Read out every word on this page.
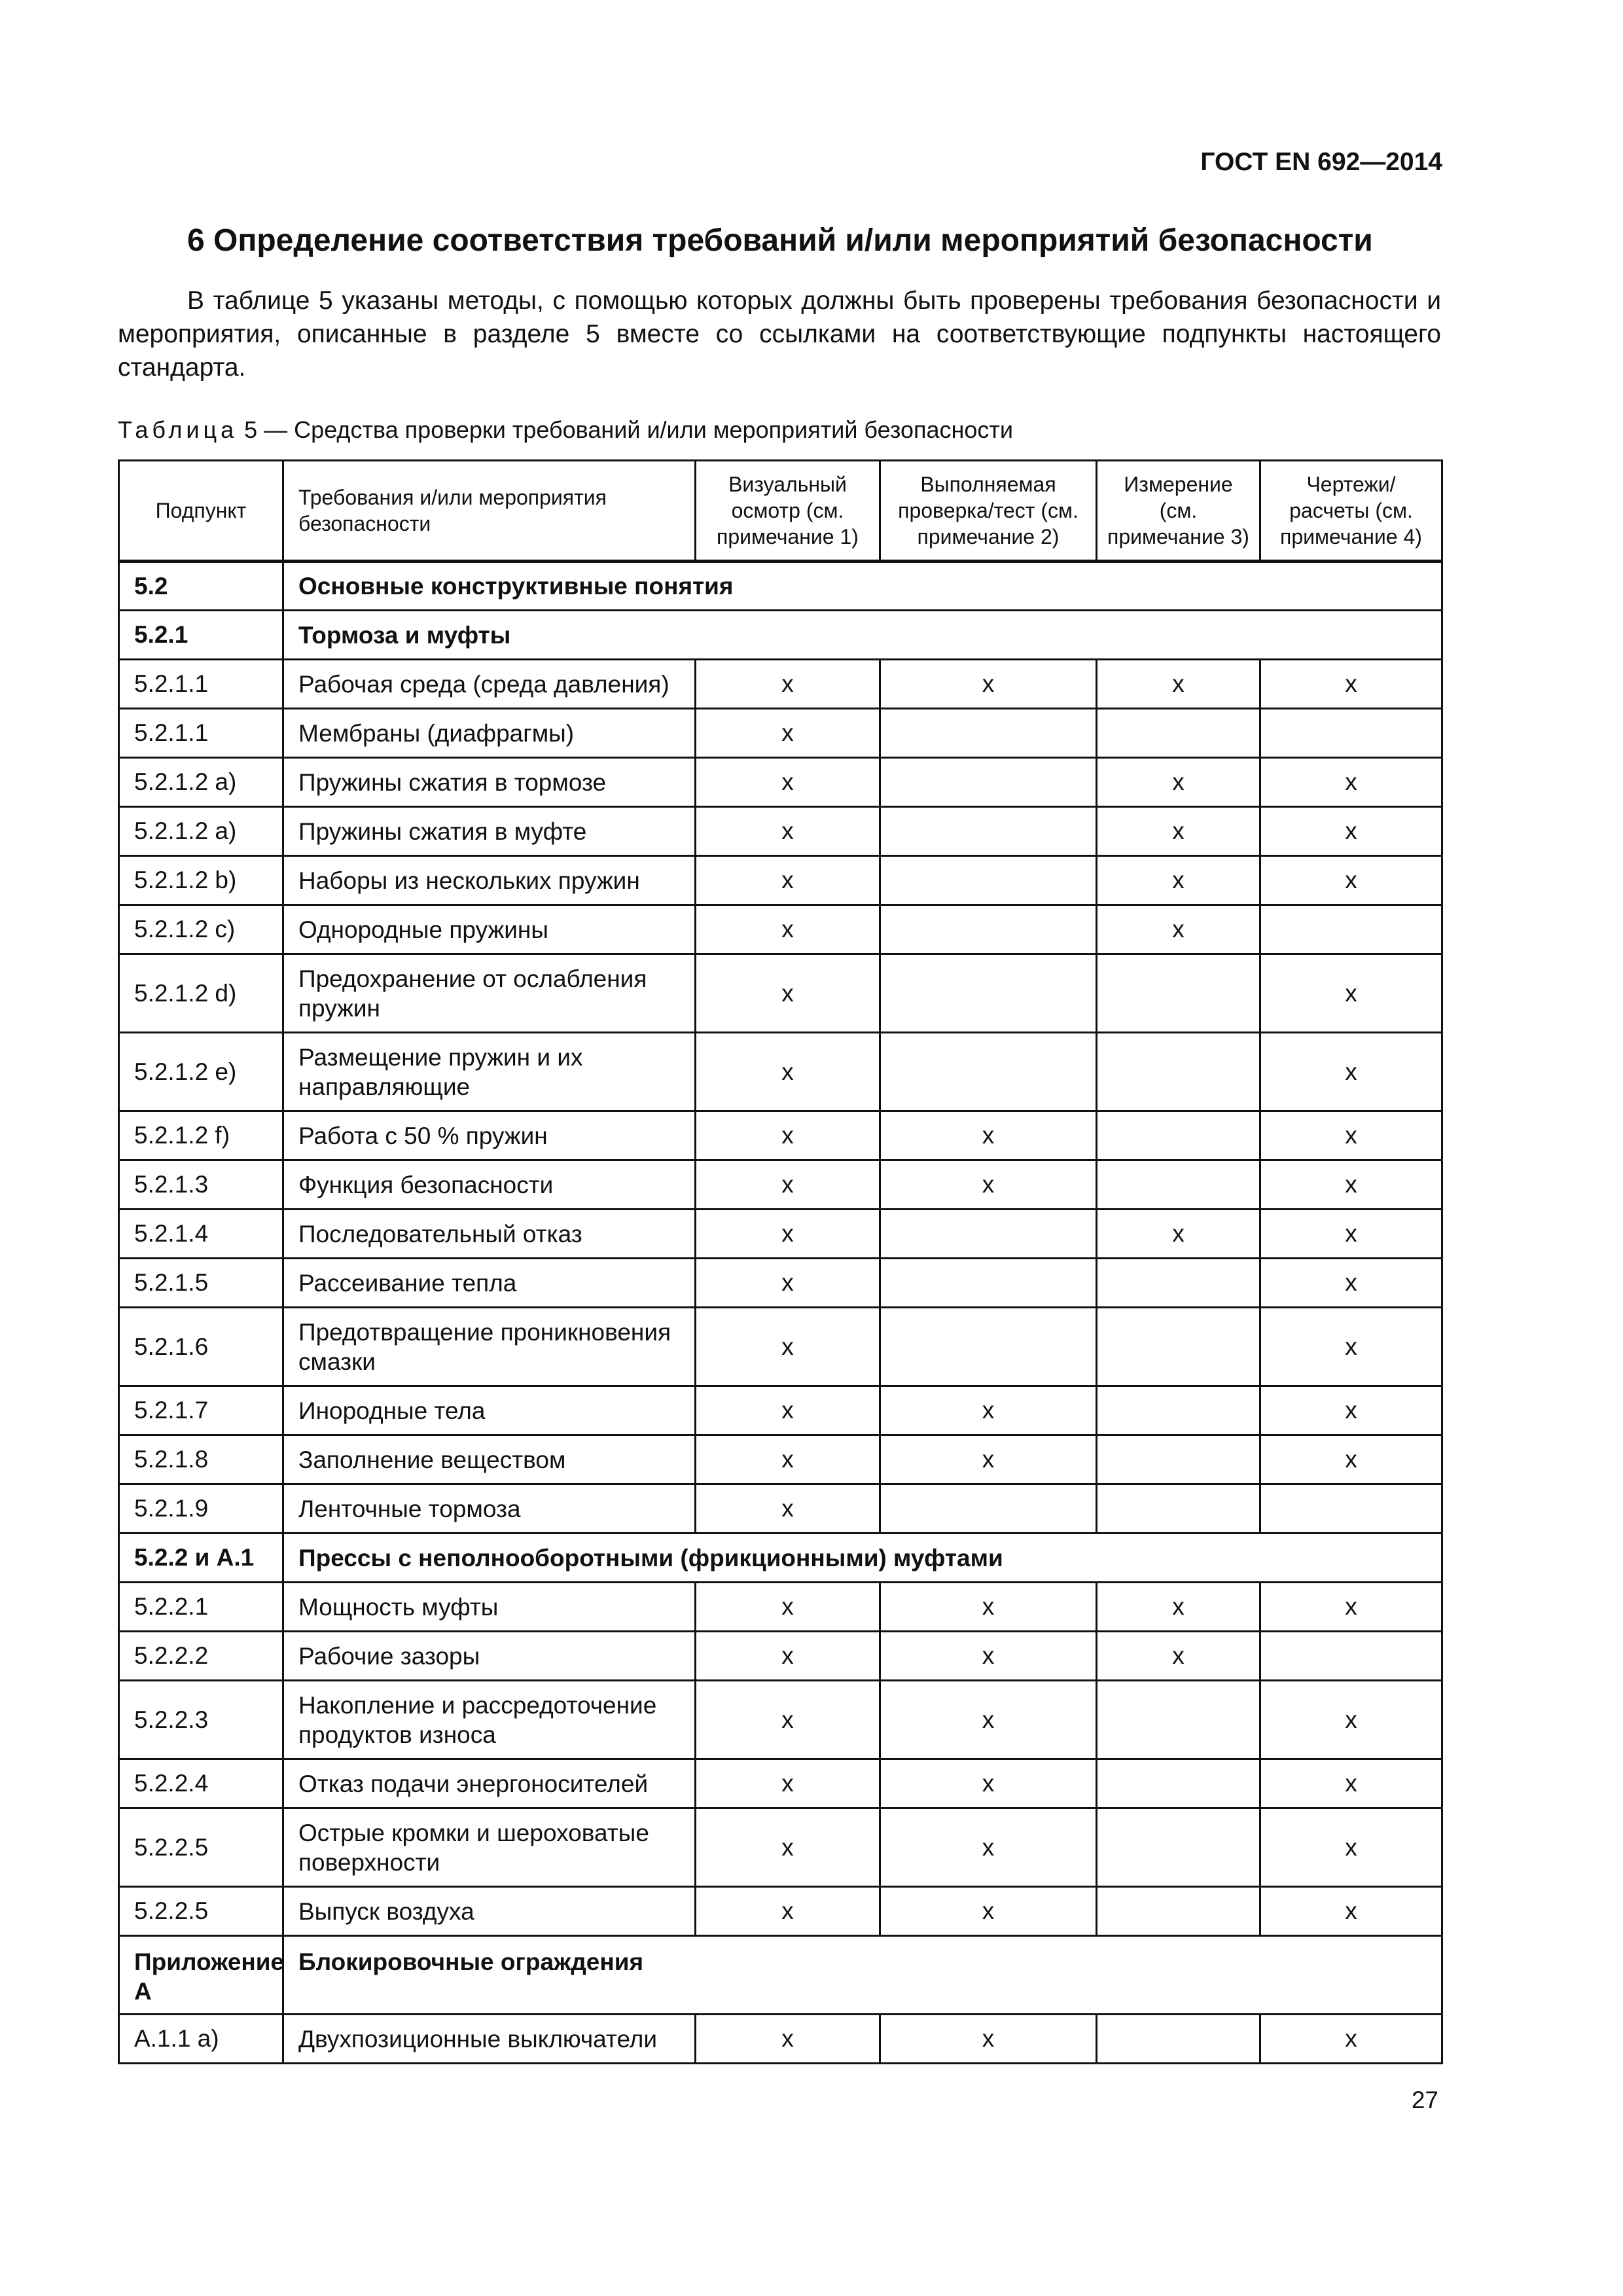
ГОСТ EN 692—2014
6 Определение соответствия требований и/или мероприятий безопасности
В таблице 5 указаны методы, с помощью которых должны быть проверены требования безопасности и мероприятия, описанные в разделе 5 вместе со ссылками на соответствующие подпункты настоящего стандарта.
Таблица 5 — Средства проверки требований и/или мероприятий безопасности
Подпункт	Требования и/или мероприятия безопасности	Визуальный осмотр (см. примечание 1)	Выполняемая проверка/тест (см. примечание 2)	Измерение (см. примечание 3)	Чертежи/ расчеты (см. примечание 4)
5.2	Основные конструктивные понятия				
5.2.1	Тормоза и муфты				
5.2.1.1	Рабочая среда (среда давления)	x	x	x	x
5.2.1.1	Мембраны (диафрагмы)	x			
5.2.1.2 a)	Пружины сжатия в тормозе	x		x	x
5.2.1.2 a)	Пружины сжатия в муфте	x		x	x
5.2.1.2 b)	Наборы из нескольких пружин	x		x	x
5.2.1.2 c)	Однородные пружины	x		x	
5.2.1.2 d)	Предохранение от ослабления пружин	x			x
5.2.1.2 e)	Размещение пружин и их направляющие	x			x
5.2.1.2 f)	Работа с 50 % пружин	x	x		x
5.2.1.3	Функция безопасности	x	x		x
5.2.1.4	Последовательный отказ	x		x	x
5.2.1.5	Рассеивание тепла	x			x
5.2.1.6	Предотвращение проникновения смазки	x			x
5.2.1.7	Инородные тела	x	x		x
5.2.1.8	Заполнение веществом	x	x		x
5.2.1.9	Ленточные тормоза	x			
5.2.2 и А.1	Прессы с неполнооборотными (фрикционными) муфтами				
5.2.2.1	Мощность муфты	x	x	x	x
5.2.2.2	Рабочие зазоры	x	x	x	
5.2.2.3	Накопление и рассредоточение продуктов износа	x	x		x
5.2.2.4	Отказ подачи энергоносителей	x	x		x
5.2.2.5	Острые кромки и шероховатые поверхности	x	x		x
5.2.2.5	Выпуск воздуха	x	x		x
Приложение А	Блокировочные ограждения				
А.1.1 а)	Двухпозиционные выключатели	x	x		x
27
